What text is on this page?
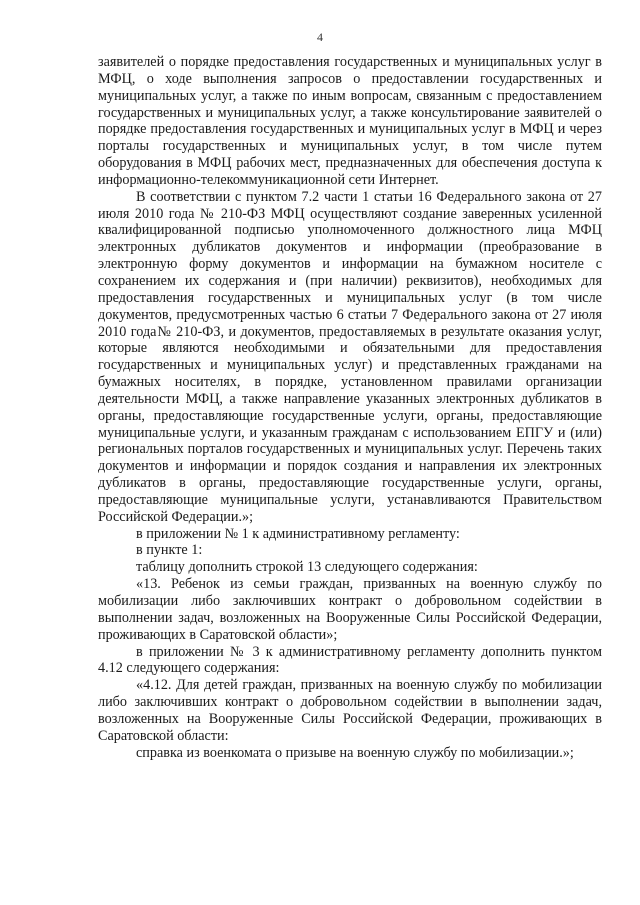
4

заявителей о порядке предоставления государственных и муниципальных услуг в МФЦ, о ходе выполнения запросов о предоставлении государственных и муниципальных услуг, а также по иным вопросам, связанным с предоставлением государственных и муниципальных услуг, а также консультирование заявителей о порядке предоставления государственных и муниципальных услуг в МФЦ и через порталы государственных и муниципальных услуг, в том числе путем оборудования в МФЦ рабочих мест, предназначенных для обеспечения доступа к информационно-телекоммуникационной сети Интернет.

В соответствии с пунктом 7.2 части 1 статьи 16 Федерального закона от 27 июля 2010 года № 210-ФЗ МФЦ осуществляют создание заверенных усиленной квалифицированной подписью уполномоченного должностного лица МФЦ электронных дубликатов документов и информации (преобразование в электронную форму документов и информации на бумажном носителе с сохранением их содержания и (при наличии) реквизитов), необходимых для предоставления государственных и муниципальных услуг (в том числе документов, предусмотренных частью 6 статьи 7 Федерального закона от 27 июля 2010 года№ 210-ФЗ, и документов, предоставляемых в результате оказания услуг, которые являются необходимыми и обязательными для предоставления государственных и муниципальных услуг) и представленных гражданами на бумажных носителях, в порядке, установленном правилами организации деятельности МФЦ, а также направление указанных электронных дубликатов в органы, предоставляющие государственные услуги, органы, предоставляющие муниципальные услуги, и указанным гражданам с использованием ЕПГУ и (или) региональных порталов государственных и муниципальных услуг. Перечень таких документов и информации и порядок создания и направления их электронных дубликатов в органы, предоставляющие государственные услуги, органы, предоставляющие муниципальные услуги, устанавливаются Правительством Российской Федерации.»;

в приложении № 1 к административному регламенту:

в пункте 1:

таблицу дополнить строкой 13 следующего содержания:

«13. Ребенок из семьи граждан, призванных на военную службу по мобилизации либо заключивших контракт о добровольном содействии в выполнении задач, возложенных на Вооруженные Силы Российской Федерации, проживающих в Саратовской области»;

в приложении № 3 к административному регламенту дополнить пунктом 4.12 следующего содержания:

«4.12. Для детей граждан, призванных на военную службу по мобилизации либо заключивших контракт о добровольном содействии в выполнении задач, возложенных на Вооруженные Силы Российской Федерации, проживающих в Саратовской области:

справка из военкомата о призыве на военную службу по мобилизации.»;
